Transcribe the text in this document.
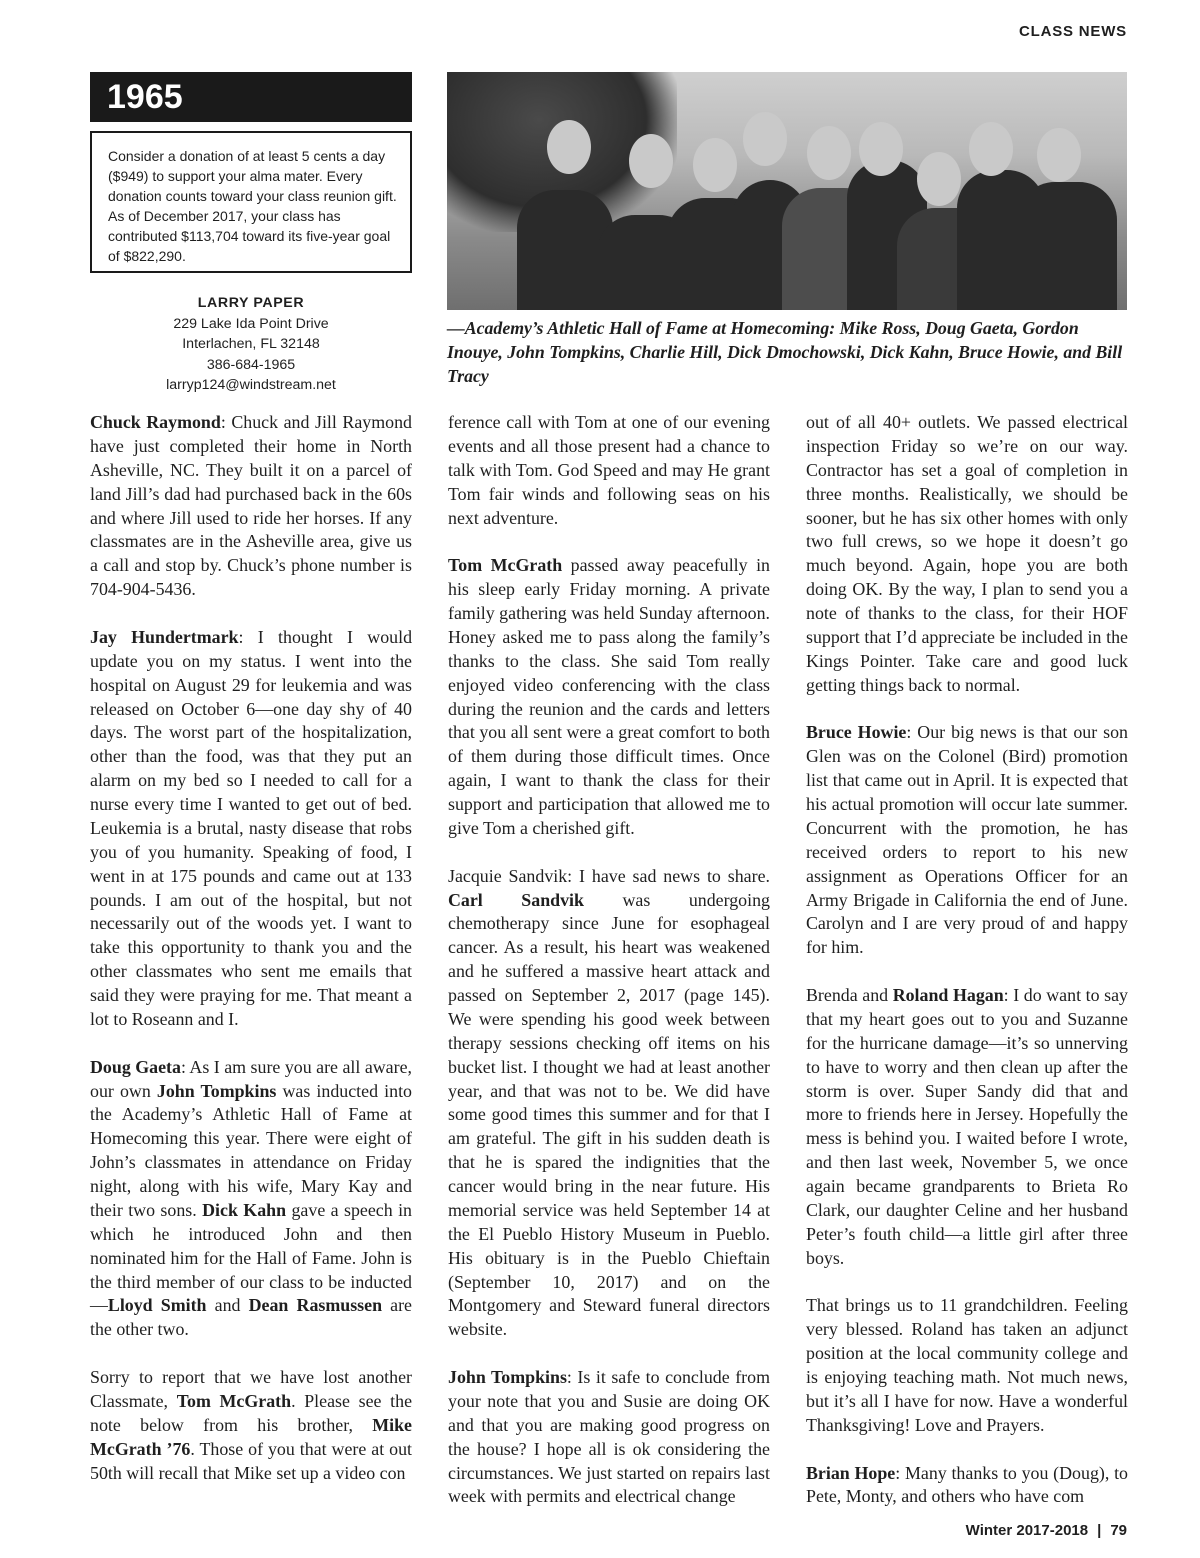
CLASS NEWS
1965
Consider a donation of at least 5 cents a day ($949) to support your alma mater. Every donation counts toward your class reunion gift. As of December 2017, your class has contributed $113,704 toward its five-year goal of $822,290.
LARRY PAPER
229 Lake Ida Point Drive
Interlachen, FL 32148
386-684-1965
larryp124@windstream.net
—Academy’s Athletic Hall of Fame at Homecoming: Mike Ross, Doug Gaeta, Gordon Inouye, John Tompkins, Charlie Hill, Dick Dmochowski, Dick Kahn, Bruce Howie, and Bill Tracy

Chuck Raymond: Chuck and Jill Raymond have just completed their home in North Asheville, NC. They built it on a parcel of land Jill’s dad had purchased back in the 60s and where Jill used to ride her horses. If any classmates are in the Asheville area, give us a call and stop by. Chuck’s phone number is 704-904-5436.

Jay Hundertmark: I thought I would update you on my status. I went into the hospital on August 29 for leukemia and was released on October 6—one day shy of 40 days. The worst part of the hospitalization, other than the food, was that they put an alarm on my bed so I needed to call for a nurse every time I wanted to get out of bed. Leukemia is a brutal, nasty disease that robs you of you humanity. Speaking of food, I went in at 175 pounds and came out at 133 pounds. I am out of the hospital, but not necessarily out of the woods yet. I want to take this opportunity to thank you and the other classmates who sent me emails that said they were praying for me. That meant a lot to Roseann and I.

Doug Gaeta: As I am sure you are all aware, our own John Tompkins was inducted into the Academy’s Athletic Hall of Fame at Homecoming this year. There were eight of John’s classmates in attendance on Friday night, along with his wife, Mary Kay and their two sons. Dick Kahn gave a speech in which he introduced John and then nominated him for the Hall of Fame. John is the third member of our class to be inducted—Lloyd Smith and Dean Rasmussen are the other two.

Sorry to report that we have lost another Classmate, Tom McGrath. Please see the note below from his brother, Mike McGrath ’76. Those of you that were at out 50th will recall that Mike set up a video con

ference call with Tom at one of our evening events and all those present had a chance to talk with Tom. God Speed and may He grant Tom fair winds and following seas on his next adventure.

Tom McGrath passed away peacefully in his sleep early Friday morning. A private family gathering was held Sunday afternoon. Honey asked me to pass along the family’s thanks to the class. She said Tom really enjoyed video conferencing with the class during the reunion and the cards and letters that you all sent were a great comfort to both of them during those difficult times. Once again, I want to thank the class for their support and participation that allowed me to give Tom a cherished gift.

Jacquie Sandvik: I have sad news to share. Carl Sandvik was undergoing chemotherapy since June for esophageal cancer. As a result, his heart was weakened and he suffered a massive heart attack and passed on September 2, 2017 (page 145). We were spending his good week between therapy sessions checking off items on his bucket list. I thought we had at least another year, and that was not to be. We did have some good times this summer and for that I am grateful. The gift in his sudden death is that he is spared the indignities that the cancer would bring in the near future. His memorial service was held September 14 at the El Pueblo History Museum in Pueblo. His obituary is in the Pueblo Chieftain (September 10, 2017) and on the Montgomery and Steward funeral directors website.

John Tompkins: Is it safe to conclude from your note that you and Susie are doing OK and that you are making good progress on the house? I hope all is ok considering the circumstances. We just started on repairs last week with permits and electrical change

out of all 40+ outlets. We passed electrical inspection Friday so we’re on our way. Contractor has set a goal of completion in three months. Realistically, we should be sooner, but he has six other homes with only two full crews, so we hope it doesn’t go much beyond. Again, hope you are both doing OK. By the way, I plan to send you a note of thanks to the class, for their HOF support that I’d appreciate be included in the Kings Pointer. Take care and good luck getting things back to normal.

Bruce Howie: Our big news is that our son Glen was on the Colonel (Bird) promotion list that came out in April. It is expected that his actual promotion will occur late summer. Concurrent with the promotion, he has received orders to report to his new assignment as Operations Officer for an Army Brigade in California the end of June. Carolyn and I are very proud of and happy for him.

Brenda and Roland Hagan: I do want to say that my heart goes out to you and Suzanne for the hurricane damage—it’s so unnerving to have to worry and then clean up after the storm is over. Super Sandy did that and more to friends here in Jersey. Hopefully the mess is behind you. I waited before I wrote, and then last week, November 5, we once again became grandparents to Brieta Ro Clark, our daughter Celine and her husband Peter’s fouth child—a little girl after three boys.

That brings us to 11 grandchildren. Feeling very blessed. Roland has taken an adjunct position at the local community college and is enjoying teaching math. Not much news, but it’s all I have for now. Have a wonderful Thanksgiving! Love and Prayers.

Brian Hope: Many thanks to you (Doug), to Pete, Monty, and others who have com

Winter 2017-2018 | 79
